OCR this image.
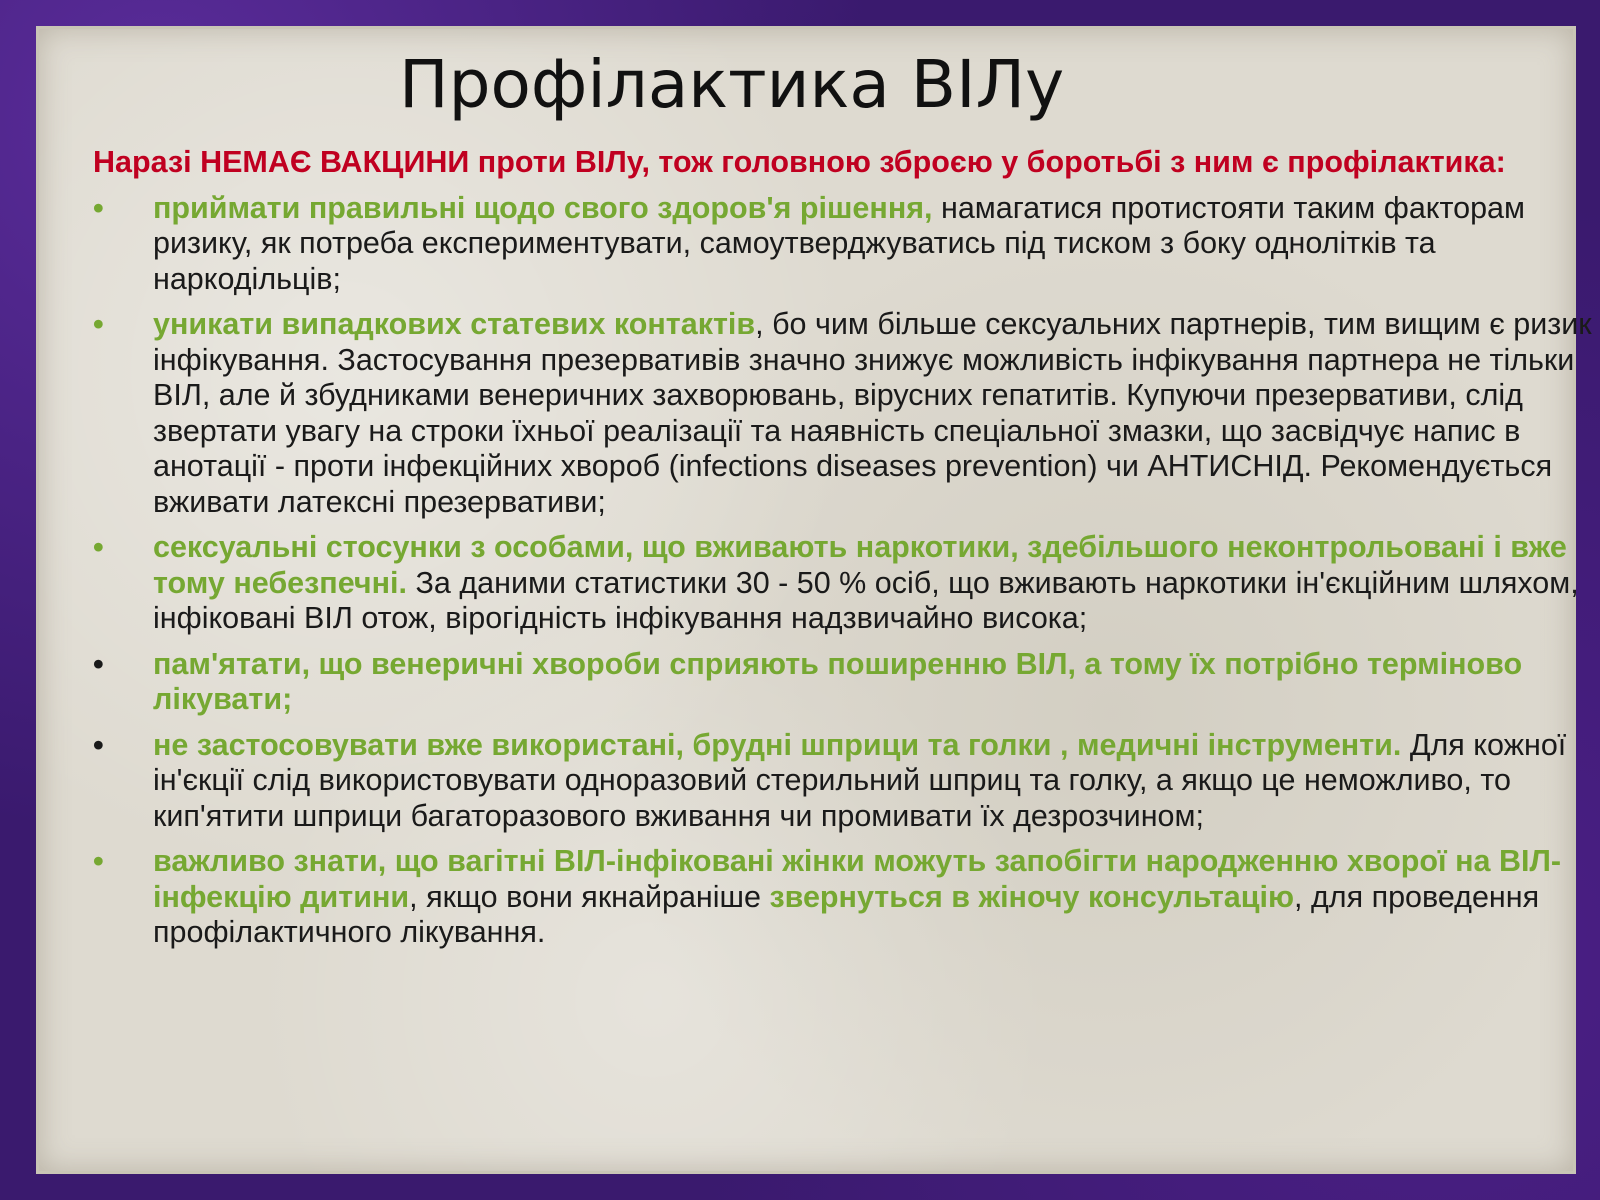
Профілактика ВІЛу

Наразі НЕМАЄ ВАКЦИНИ проти ВІЛу, тож головною зброєю у боротьбі з ним є профілактика:

•	приймати правильні щодо свого здоров'я рішення, намагатися протистояти таким факторам ризику, як потреба експериментувати, самоутверджуватись під тиском з боку однолітків та наркодільців;
•	уникати випадкових статевих контактів, бо чим більше сексуальних партнерів, тим вищим є ризик інфікування. Застосування презервативів значно знижує можливість інфікування партнера не тільки ВІЛ, але й збудниками венеричних захворювань, вірусних гепатитів. Купуючи презервативи, слід звертати увагу на строки їхньої реалізації та наявність спеціальної змазки, що засвідчує напис в анотації - проти інфекційних хвороб (infections diseases prevention) чи АНТИСНІД. Рекомендується вживати латексні презервативи;
•	сексуальні стосунки з особами, що вживають наркотики, здебільшого неконтрольовані і вже тому небезпечні. За даними статистики 30 - 50 % осіб, що вживають наркотики ін'єкційним шляхом, інфіковані ВІЛ отож, вірогідність інфікування надзвичайно висока;
•	пам'ятати, що венеричні хвороби сприяють поширенню ВІЛ, а тому їх потрібно терміново лікувати;
•	не застосовувати вже використані, брудні шприци та голки , медичні інструменти. Для кожної ін'єкції слід використовувати одноразовий стерильний шприц та голку, а якщо це неможливо, то кип'ятити шприци багаторазового вживання чи промивати їх дезрозчином;
•	важливо знати, що вагітні ВІЛ-інфіковані жінки можуть запобігти народженню хворої на ВІЛ-інфекцію дитини, якщо вони якнайраніше звернуться в жіночу консультацію, для проведення профілактичного лікування.
